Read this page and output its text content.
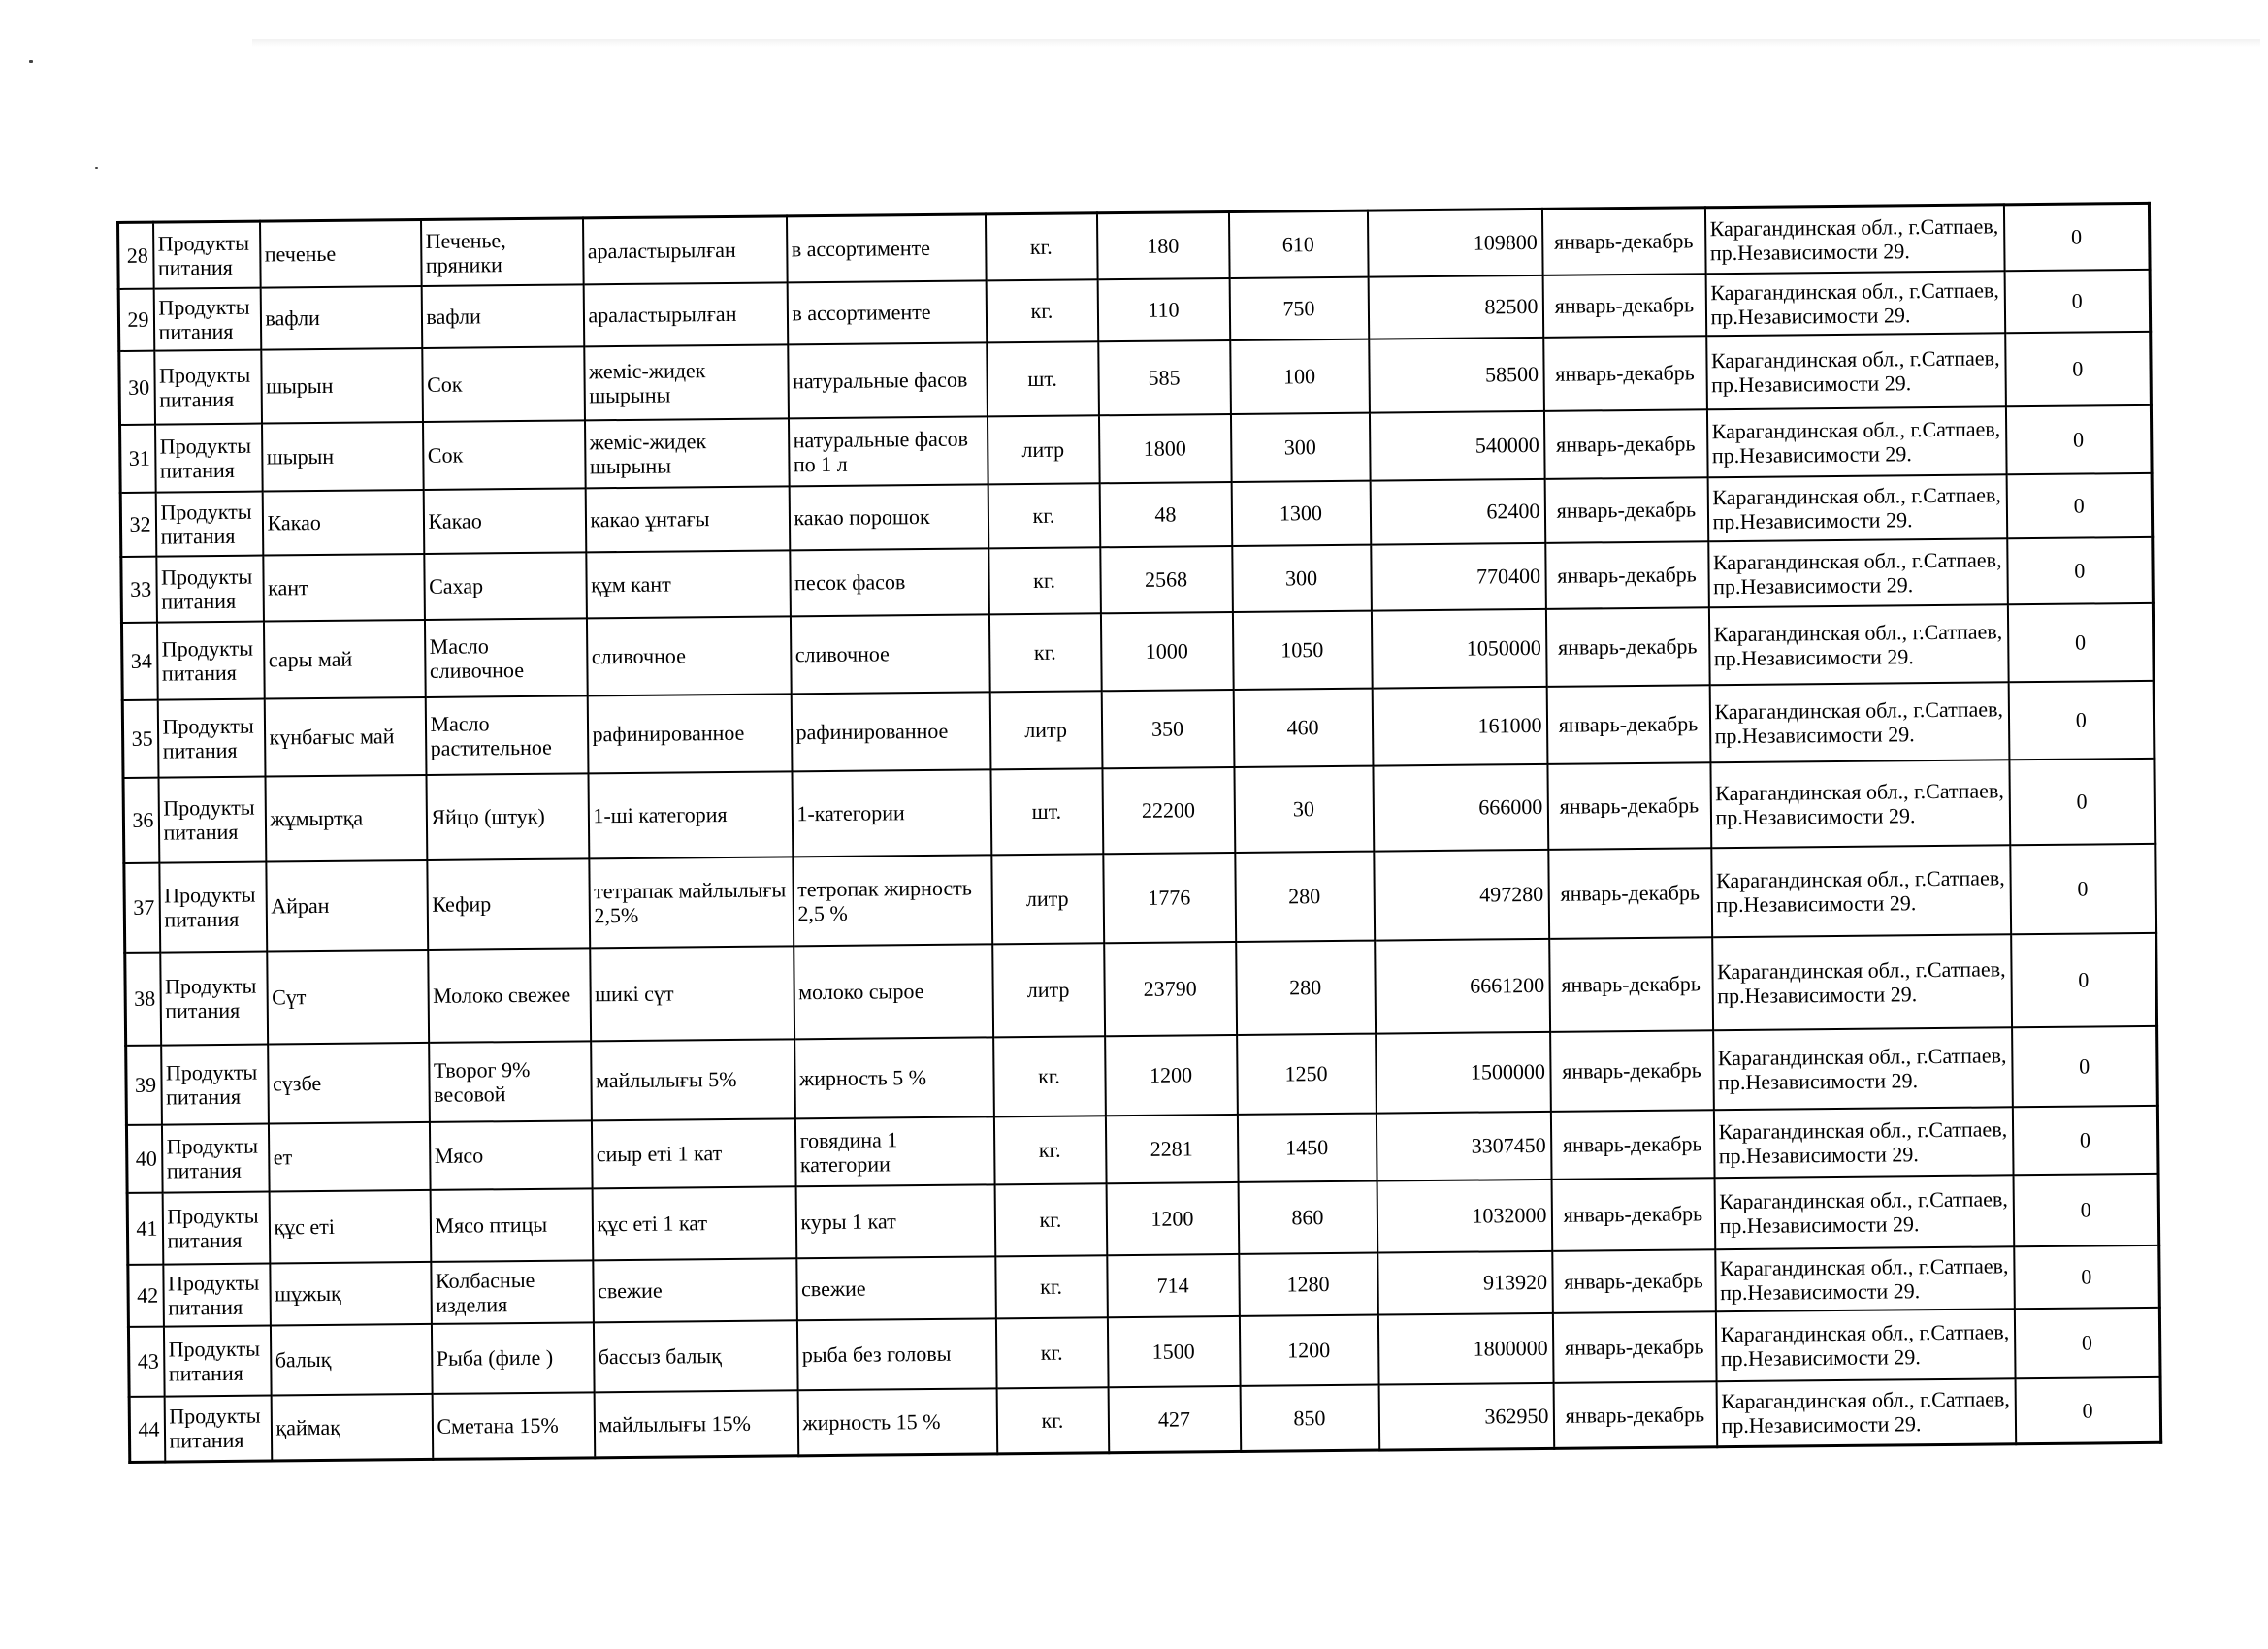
28	Продукты питания	печенье	Печенье, пряники	араластырылған	в ассортименте	кг.	180	610	109800	январь-декабрь	Карагандинская обл., г.Сатпаев, пр.Независимости 29.	0
29	Продукты питания	вафли	вафли	араластырылған	в ассортименте	кг.	110	750	82500	январь-декабрь	Карагандинская обл., г.Сатпаев, пр.Независимости 29.	0
30	Продукты питания	шырын	Сок	жеміс-жидек шырыны	натуральные фасов	шт.	585	100	58500	январь-декабрь	Карагандинская обл., г.Сатпаев, пр.Независимости 29.	0
31	Продукты питания	шырын	Сок	жеміс-жидек шырыны	натуральные фасов по 1 л	литр	1800	300	540000	январь-декабрь	Карагандинская обл., г.Сатпаев, пр.Независимости 29.	0
32	Продукты питания	Какао	Какао	какао ұнтағы	какао порошок	кг.	48	1300	62400	январь-декабрь	Карагандинская обл., г.Сатпаев, пр.Независимости 29.	0
33	Продукты питания	кант	Сахар	құм кант	песок фасов	кг.	2568	300	770400	январь-декабрь	Карагандинская обл., г.Сатпаев, пр.Независимости 29.	0
34	Продукты питания	сары май	Масло сливочное	сливочное	сливочное	кг.	1000	1050	1050000	январь-декабрь	Карагандинская обл., г.Сатпаев, пр.Независимости 29.	0
35	Продукты питания	күнбағыс май	Масло растительное	рафинированное	рафинированное	литр	350	460	161000	январь-декабрь	Карагандинская обл., г.Сатпаев, пр.Независимости 29.	0
36	Продукты питания	жұмыртқа	Яйцо (штук)	1-ші категория	1-категории	шт.	22200	30	666000	январь-декабрь	Карагандинская обл., г.Сатпаев, пр.Независимости 29.	0
37	Продукты питания	Айран	Кефир	тетрапак майлылығы 2,5%	тетропак жирность 2,5 %	литр	1776	280	497280	январь-декабрь	Карагандинская обл., г.Сатпаев, пр.Независимости 29.	0
38	Продукты питания	Сүт	Молоко свежее	шикі сүт	молоко сырое	литр	23790	280	6661200	январь-декабрь	Карагандинская обл., г.Сатпаев, пр.Независимости 29.	0
39	Продукты питания	сүзбе	Творог 9% весовой	майлылығы 5%	жирность 5 %	кг.	1200	1250	1500000	январь-декабрь	Карагандинская обл., г.Сатпаев, пр.Независимости 29.	0
40	Продукты питания	ет	Мясо	сиыр еті 1 кат	говядина 1 категории	кг.	2281	1450	3307450	январь-декабрь	Карагандинская обл., г.Сатпаев, пр.Независимости 29.	0
41	Продукты питания	құс еті	Мясо птицы	құс еті 1 кат	куры 1 кат	кг.	1200	860	1032000	январь-декабрь	Карагандинская обл., г.Сатпаев, пр.Независимости 29.	0
42	Продукты питания	шұжық	Колбасные изделия	свежие	свежие	кг.	714	1280	913920	январь-декабрь	Карагандинская обл., г.Сатпаев, пр.Независимости 29.	0
43	Продукты питания	балық	Рыба (филе )	бассыз балық	рыба без головы	кг.	1500	1200	1800000	январь-декабрь	Карагандинская обл., г.Сатпаев, пр.Независимости 29.	0
44	Продукты питания	қаймақ	Сметана 15%	майлылығы 15%	жирность 15 %	кг.	427	850	362950	январь-декабрь	Карагандинская обл., г.Сатпаев, пр.Независимости 29.	0
